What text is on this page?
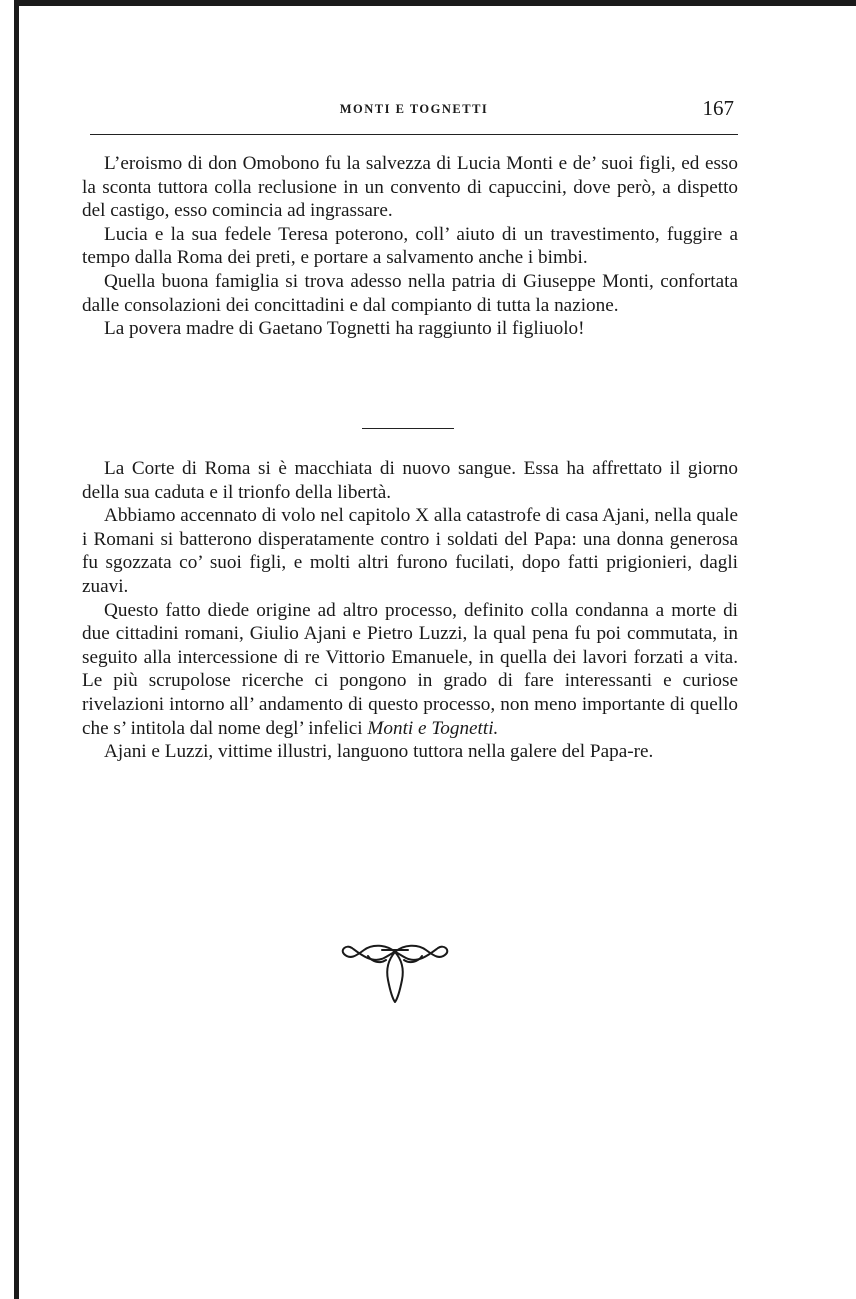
MONTI E TOGNETTI	167

L’eroismo di don Omobono fu la salvezza di Lucia Monti e de’ suoi figli, ed esso la sconta tuttora colla reclusione in un convento di capuccini, dove però, a dispetto del castigo, esso comincia ad ingrassare.

Lucia e la sua fedele Teresa poterono, coll’ aiuto di un travestimento, fuggire a tempo dalla Roma dei preti, e portare a salvamento anche i bimbi.

Quella buona famiglia si trova adesso nella patria di Giuseppe Monti, confortata dalle consolazioni dei concittadini e dal compianto di tutta la nazione.

La povera madre di Gaetano Tognetti ha raggiunto il figliuolo!

La Corte di Roma si è macchiata di nuovo sangue. Essa ha affrettato il giorno della sua caduta e il trionfo della libertà.

Abbiamo accennato di volo nel capitolo X alla catastrofe di casa Ajani, nella quale i Romani si batterono disperatamente contro i soldati del Papa: una donna generosa fu sgozzata co’ suoi figli, e molti altri furono fucilati, dopo fatti prigionieri, dagli zuavi.

Questo fatto diede origine ad altro processo, definito colla condanna a morte di due cittadini romani, Giulio Ajani e Pietro Luzzi, la qual pena fu poi commutata, in seguito alla intercessione di re Vittorio Emanuele, in quella dei lavori forzati a vita. Le più scrupolose ricerche ci pongono in grado di fare interessanti e curiose rivelazioni intorno all’ andamento di questo processo, non meno importante di quello che s’ intitola dal nome degl’ infelici Monti e Tognetti.

Ajani e Luzzi, vittime illustri, languono tuttora nella galere del Papa-re.
